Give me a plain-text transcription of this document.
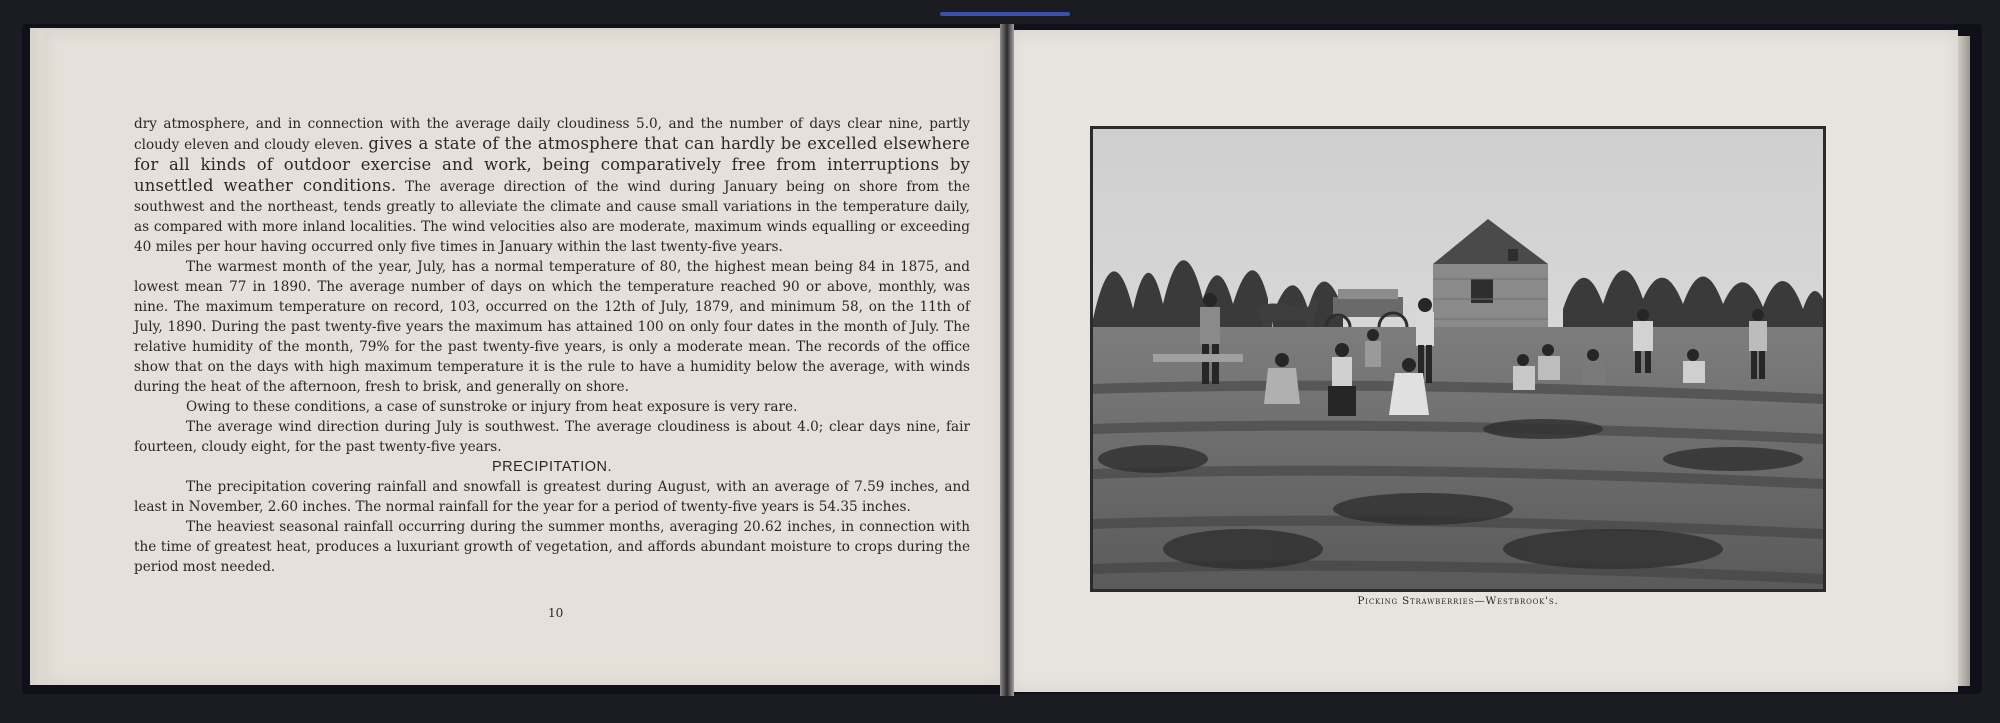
dry atmosphere, and in connection with the average daily cloudiness 5.0, and the number of days clear nine, partly cloudy eleven and cloudy eleven. gives a state of the atmosphere that can hardly be excelled elsewhere for all kinds of outdoor exercise and work, being comparatively free from interruptions by unsettled weather conditions. The average direction of the wind during January being on shore from the southwest and the northeast, tends greatly to alleviate the climate and cause small variations in the temperature daily, as compared with more inland localities. The wind velocities also are moderate, maximum winds equalling or exceeding 40 miles per hour having occurred only five times in January within the last twenty-five years.

The warmest month of the year, July, has a normal temperature of 80, the highest mean being 84 in 1875, and lowest mean 77 in 1890. The average number of days on which the temperature reached 90 or above, monthly, was nine. The maximum temperature on record, 103, occurred on the 12th of July, 1879, and minimum 58, on the 11th of July, 1890. During the past twenty-five years the maximum has attained 100 on only four dates in the month of July. The relative humidity of the month, 79% for the past twenty-five years, is only a moderate mean. The records of the office show that on the days with high maximum temperature it is the rule to have a humidity below the average, with winds during the heat of the afternoon, fresh to brisk, and generally on shore.

Owing to these conditions, a case of sunstroke or injury from heat exposure is very rare.

The average wind direction during July is southwest. The average cloudiness is about 4.0; clear days nine, fair fourteen, cloudy eight, for the past twenty-five years.

PRECIPITATION.

The precipitation covering rainfall and snowfall is greatest during August, with an average of 7.59 inches, and least in November, 2.60 inches. The normal rainfall for the year for a period of twenty-five years is 54.35 inches.

The heaviest seasonal rainfall occurring during the summer months, averaging 20.62 inches, in connection with the time of greatest heat, produces a luxuriant growth of vegetation, and affords abundant moisture to crops during the period most needed.

10
Picking Strawberries—Westbrook's.
